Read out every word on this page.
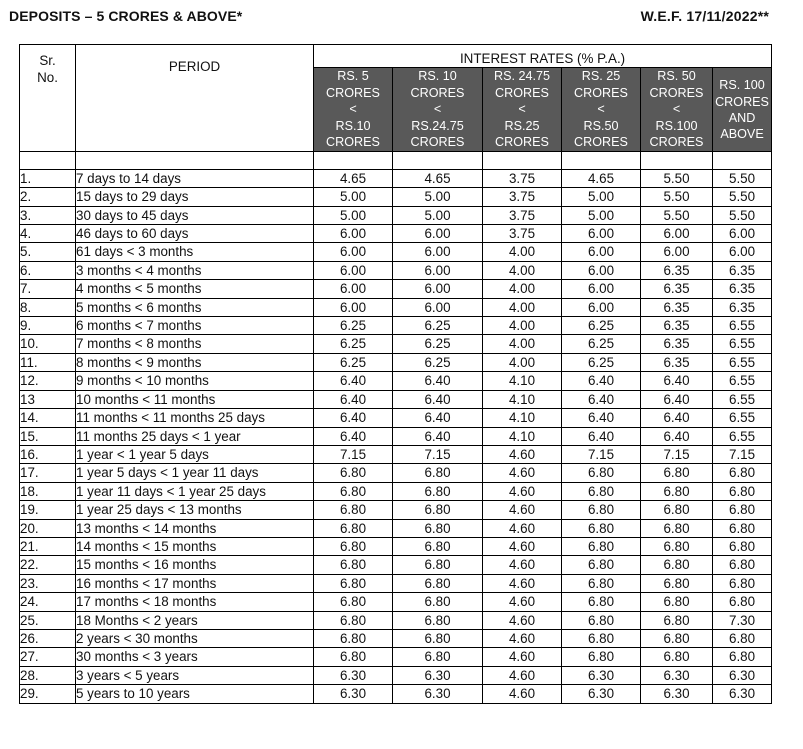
DEPOSITS – 5 CRORES & ABOVE*	W.E.F. 17/11/2022**
Sr.
No.	PERIOD	INTEREST RATES (% P.A.)					
		RS. 5
CRORES
<
RS.10
CRORES	RS. 10
CRORES
<
RS.24.75
CRORES	RS. 24.75
CRORES
<
RS.25
CRORES	RS. 25
CRORES
<
RS.50
CRORES	RS. 50
CRORES
<
RS.100
CRORES	RS. 100
CRORES
AND
ABOVE

1.	7 days to 14 days	4.65	4.65	3.75	4.65	5.50	5.50
2.	15 days to 29 days	5.00	5.00	3.75	5.00	5.50	5.50
3.	30 days to 45 days	5.00	5.00	3.75	5.00	5.50	5.50
4.	46 days to 60 days	6.00	6.00	3.75	6.00	6.00	6.00
5.	61 days < 3 months	6.00	6.00	4.00	6.00	6.00	6.00
6.	3 months < 4 months	6.00	6.00	4.00	6.00	6.35	6.35
7.	4 months < 5 months	6.00	6.00	4.00	6.00	6.35	6.35
8.	5 months < 6 months	6.00	6.00	4.00	6.00	6.35	6.35
9.	6 months < 7 months	6.25	6.25	4.00	6.25	6.35	6.55
10.	7 months < 8 months	6.25	6.25	4.00	6.25	6.35	6.55
11.	8 months < 9 months	6.25	6.25	4.00	6.25	6.35	6.55
12.	9 months < 10 months	6.40	6.40	4.10	6.40	6.40	6.55
13	10 months < 11 months	6.40	6.40	4.10	6.40	6.40	6.55
14.	11 months < 11 months 25 days	6.40	6.40	4.10	6.40	6.40	6.55
15.	11 months 25 days < 1 year	6.40	6.40	4.10	6.40	6.40	6.55
16.	1 year < 1 year 5 days	7.15	7.15	4.60	7.15	7.15	7.15
17.	1 year 5 days < 1 year 11 days	6.80	6.80	4.60	6.80	6.80	6.80
18.	1 year 11 days < 1 year 25 days	6.80	6.80	4.60	6.80	6.80	6.80
19.	1 year 25 days < 13 months	6.80	6.80	4.60	6.80	6.80	6.80
20.	13 months < 14 months	6.80	6.80	4.60	6.80	6.80	6.80
21.	14 months < 15 months	6.80	6.80	4.60	6.80	6.80	6.80
22.	15 months < 16 months	6.80	6.80	4.60	6.80	6.80	6.80
23.	16 months < 17 months	6.80	6.80	4.60	6.80	6.80	6.80
24.	17 months < 18 months	6.80	6.80	4.60	6.80	6.80	6.80
25.	18 Months < 2 years	6.80	6.80	4.60	6.80	6.80	7.30
26.	2 years < 30 months	6.80	6.80	4.60	6.80	6.80	6.80
27.	30 months < 3 years	6.80	6.80	4.60	6.80	6.80	6.80
28.	3 years < 5 years	6.30	6.30	4.60	6.30	6.30	6.30
29.	5 years to 10 years	6.30	6.30	4.60	6.30	6.30	6.30
